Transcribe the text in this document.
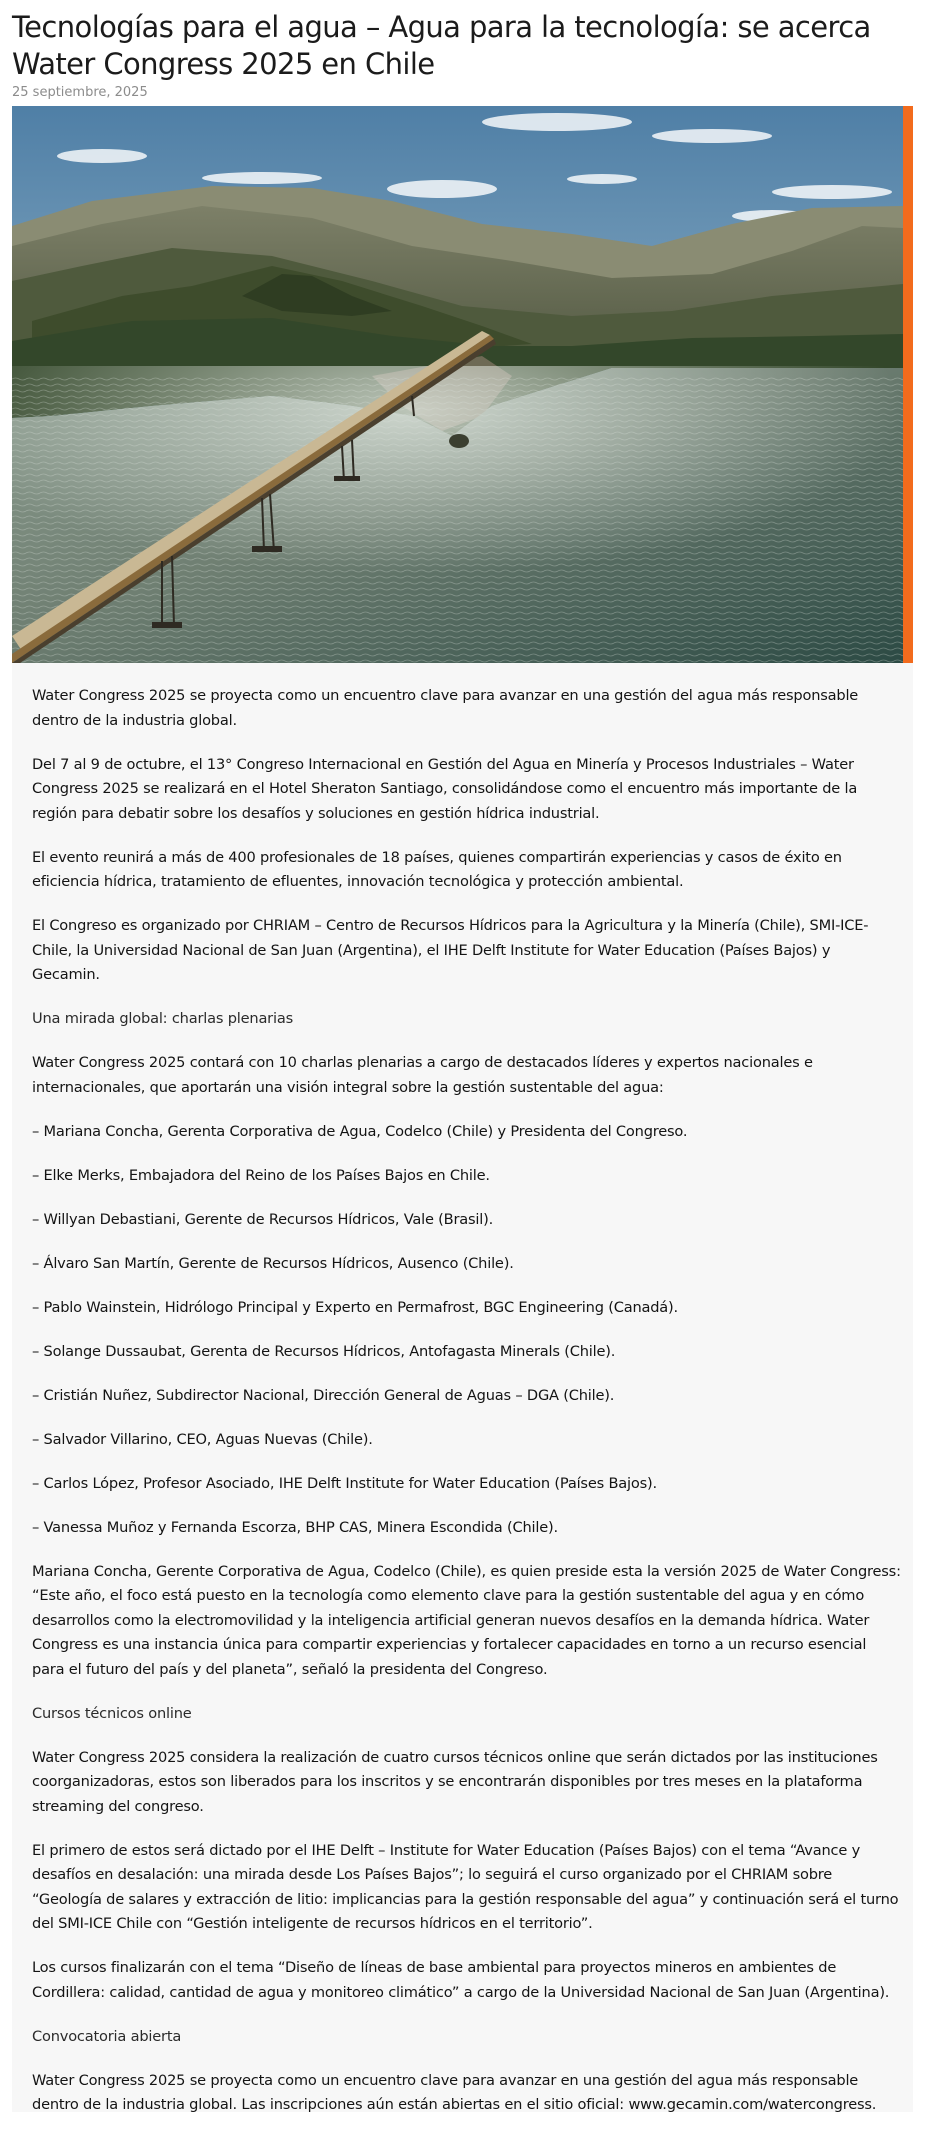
Tecnologías para el agua – Agua para la tecnología: se acerca Water Congress 2025 en Chile
25 septiembre, 2025

Water Congress 2025 se proyecta como un encuentro clave para avanzar en una gestión del agua más responsable dentro de la industria global.

Del 7 al 9 de octubre, el 13° Congreso Internacional en Gestión del Agua en Minería y Procesos Industriales – Water Congress 2025 se realizará en el Hotel Sheraton Santiago, consolidándose como el encuentro más importante de la región para debatir sobre los desafíos y soluciones en gestión hídrica industrial.

El evento reunirá a más de 400 profesionales de 18 países, quienes compartirán experiencias y casos de éxito en eficiencia hídrica, tratamiento de efluentes, innovación tecnológica y protección ambiental.

El Congreso es organizado por CHRIAM – Centro de Recursos Hídricos para la Agricultura y la Minería (Chile), SMI-ICE-Chile, la Universidad Nacional de San Juan (Argentina), el IHE Delft Institute for Water Education (Países Bajos) y Gecamin.

Una mirada global: charlas plenarias

Water Congress 2025 contará con 10 charlas plenarias a cargo de destacados líderes y expertos nacionales e internacionales, que aportarán una visión integral sobre la gestión sustentable del agua:

– Mariana Concha, Gerenta Corporativa de Agua, Codelco (Chile) y Presidenta del Congreso.

– Elke Merks, Embajadora del Reino de los Países Bajos en Chile.

– Willyan Debastiani, Gerente de Recursos Hídricos, Vale (Brasil).

– Álvaro San Martín, Gerente de Recursos Hídricos, Ausenco (Chile).

– Pablo Wainstein, Hidrólogo Principal y Experto en Permafrost, BGC Engineering (Canadá).

– Solange Dussaubat, Gerenta de Recursos Hídricos, Antofagasta Minerals (Chile).

– Cristián Nuñez, Subdirector Nacional, Dirección General de Aguas – DGA (Chile).

– Salvador Villarino, CEO, Aguas Nuevas (Chile).

– Carlos López, Profesor Asociado, IHE Delft Institute for Water Education (Países Bajos).

– Vanessa Muñoz y Fernanda Escorza, BHP CAS, Minera Escondida (Chile).

Mariana Concha, Gerente Corporativa de Agua, Codelco (Chile), es quien preside esta la versión 2025 de Water Congress: “Este año, el foco está puesto en la tecnología como elemento clave para la gestión sustentable del agua y en cómo desarrollos como la electromovilidad y la inteligencia artificial generan nuevos desafíos en la demanda hídrica. Water Congress es una instancia única para compartir experiencias y fortalecer capacidades en torno a un recurso esencial para el futuro del país y del planeta”, señaló la presidenta del Congreso.

Cursos técnicos online

Water Congress 2025 considera la realización de cuatro cursos técnicos online que serán dictados por las instituciones coorganizadoras, estos son liberados para los inscritos y se encontrarán disponibles por tres meses en la plataforma streaming del congreso.

El primero de estos será dictado por el IHE Delft – Institute for Water Education (Países Bajos) con el tema “Avance y desafíos en desalación: una mirada desde Los Países Bajos”; lo seguirá el curso organizado por el CHRIAM sobre “Geología de salares y extracción de litio: implicancias para la gestión responsable del agua” y continuación será el turno del SMI-ICE Chile con “Gestión inteligente de recursos hídricos en el territorio”.

Los cursos finalizarán con el tema “Diseño de líneas de base ambiental para proyectos mineros en ambientes de Cordillera: calidad, cantidad de agua y monitoreo climático” a cargo de la Universidad Nacional de San Juan (Argentina).

Convocatoria abierta

Water Congress 2025 se proyecta como un encuentro clave para avanzar en una gestión del agua más responsable dentro de la industria global. Las inscripciones aún están abiertas en el sitio oficial: www.gecamin.com/watercongress.
